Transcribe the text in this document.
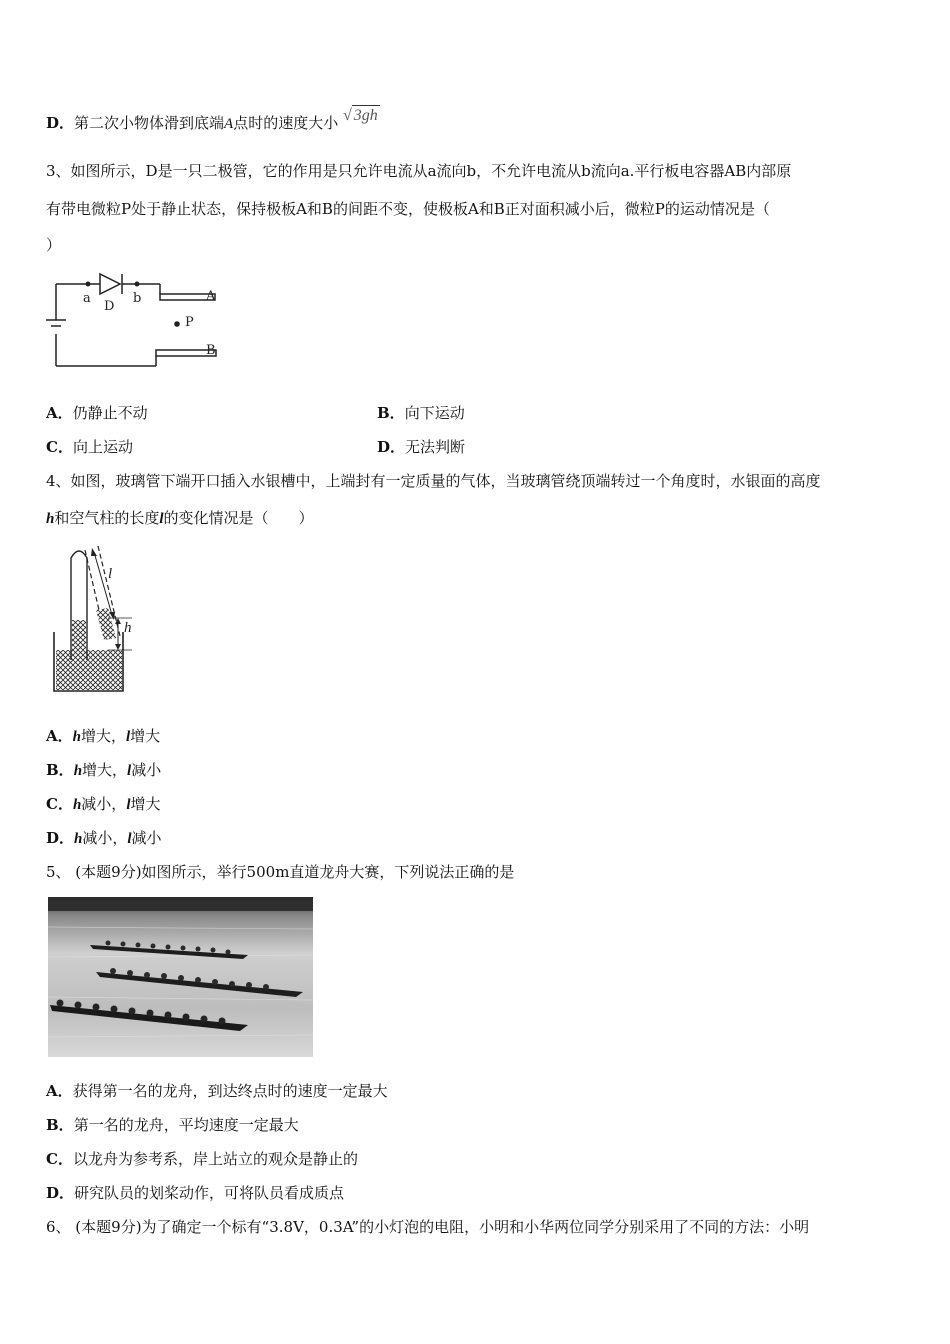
D．第二次小物体滑到底端A点时的速度大小 √ 3gh
3、如图所示，D是一只二极管，它的作用是只允许电流从a流向b，不允许电流从b流向a.平行板电容器AB内部原
有带电微粒P处于静止状态，保持极板A和B的间距不变，使极板A和B正对面积减小后，微粒P的运动情况是（
）
a
D
b	A
P
B
A．仍静止不动	B．向下运动
C．向上运动	D．无法判断
4、如图，玻璃管下端开口插入水银槽中，上端封有一定质量的气体，当玻璃管绕顶端转过一个角度时，水银面的高度
h和空气柱的长度l的变化情况是（　　）
l
h
A．h增大，l增大
B．h增大，l减小
C．h减小，l增大
D．h减小，l减小
5、 (本题9分)如图所示，举行500m直道龙舟大赛，下列说法正确的是
A．获得第一名的龙舟，到达终点时的速度一定最大
B．第一名的龙舟，平均速度一定最大
C．以龙舟为参考系，岸上站立的观众是静止的
D．研究队员的划桨动作，可将队员看成质点
6、 (本题9分)为了确定一个标有“3.8V，0.3A”的小灯泡的电阻，小明和小华两位同学分别采用了不同的方法：小明
